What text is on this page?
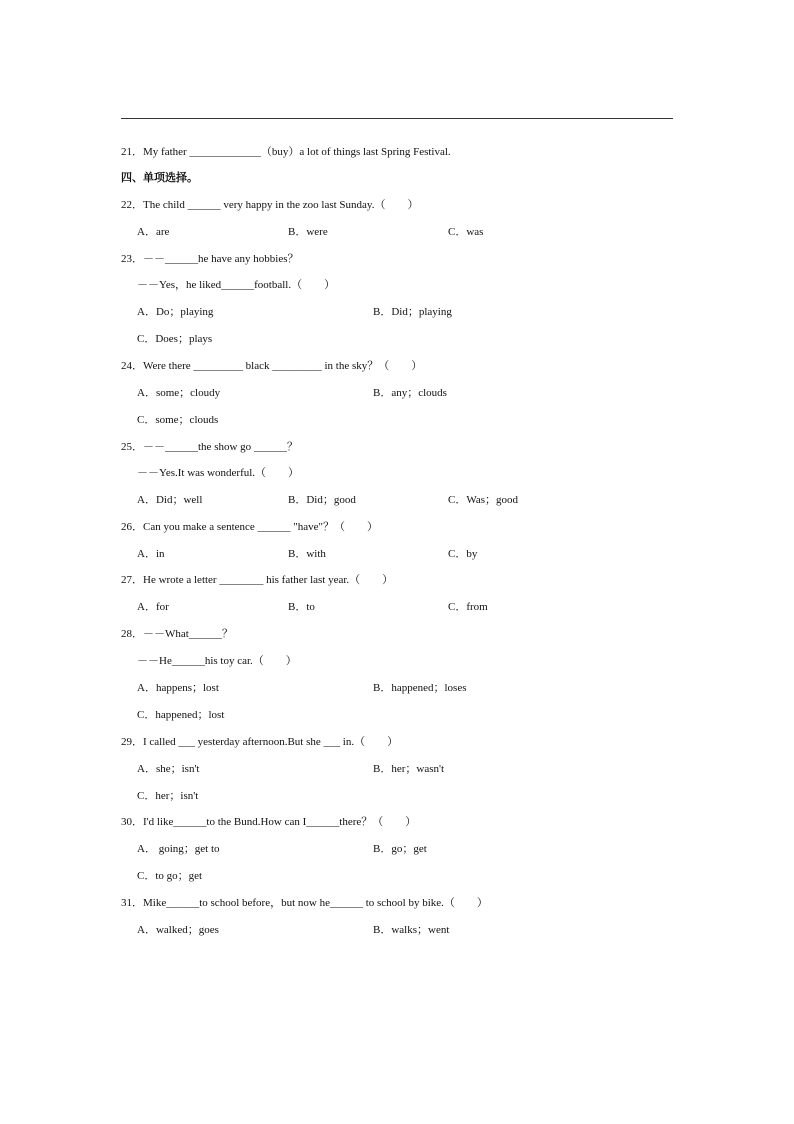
21．My father _____________（buy）a lot of things last Spring Festival.
四、单项选择。
22．The child ______ very happy in the zoo last Sunday.（　　）
A．are	B．were	C．was
23．－－______he have any hobbies？
－－Yes，he liked______football.（　　）
A．Do；playing	B．Did；playing
C．Does；plays
24．Were there _________ black _________ in the sky？（　　）
A．some；cloudy	B．any；clouds
C．some；clouds
25．－－______the show go ______？
－－Yes.It was wonderful.（　　）
A．Did；well	B．Did；good	C．Was；good
26．Can you make a sentence ______ "have"？（　　）
A．in	B．with	C．by
27．He wrote a letter ________ his father last year.（　　）
A．for	B．to	C．from
28．－－What______？
－－He______his toy car.（　　）
A．happens；lost	B．happened；loses
C．happened；lost
29．I called ___ yesterday afternoon.But she ___ in.（　　）
A．she；isn't	B．her；wasn't
C．her；isn't
30．I'd like______to the Bund.How can I______there？（　　）
A． going；get to	B．go；get
C．to go；get
31．Mike______to school before，but now he______ to school by bike.（　　）
A．walked；goes	B．walks；went
